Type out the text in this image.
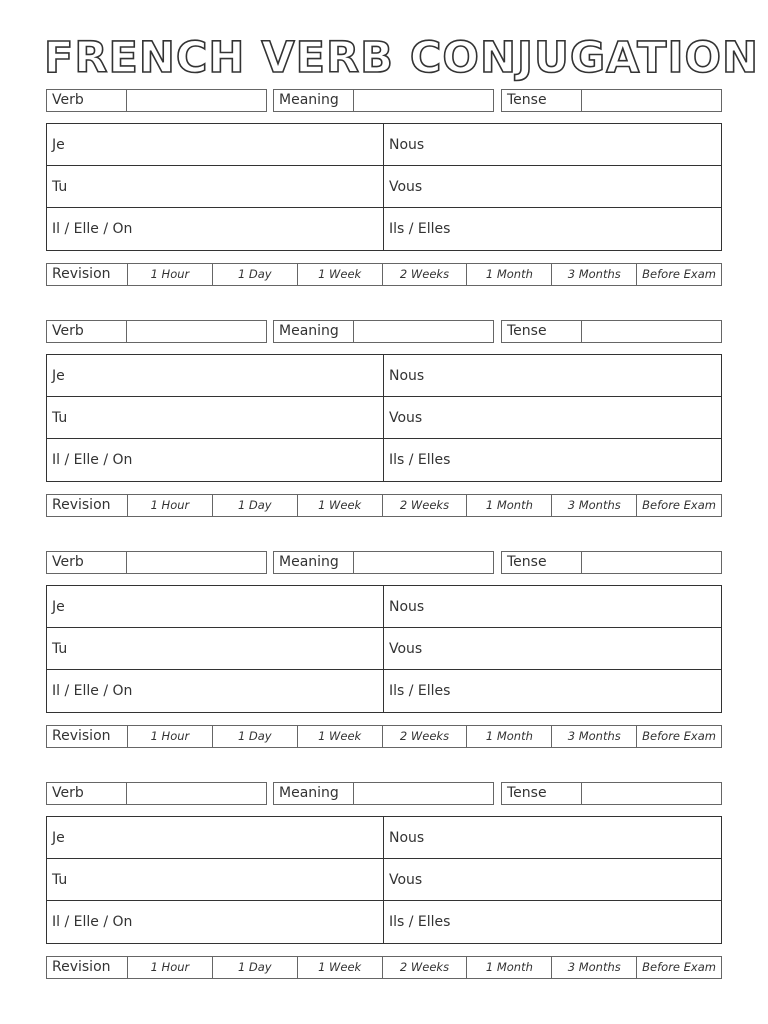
FRENCH VERB CONJUGATION
Verb	Meaning	Tense
Je	Nous
Tu	Vous
Il / Elle / On	Ils / Elles
Revision	1 Hour	1 Day	1 Week	2 Weeks	1 Month	3 Months	Before Exam
Verb	Meaning	Tense
Je	Nous
Tu	Vous
Il / Elle / On	Ils / Elles
Revision	1 Hour	1 Day	1 Week	2 Weeks	1 Month	3 Months	Before Exam
Verb	Meaning	Tense
Je	Nous
Tu	Vous
Il / Elle / On	Ils / Elles
Revision	1 Hour	1 Day	1 Week	2 Weeks	1 Month	3 Months	Before Exam
Verb	Meaning	Tense
Je	Nous
Tu	Vous
Il / Elle / On	Ils / Elles
Revision	1 Hour	1 Day	1 Week	2 Weeks	1 Month	3 Months	Before Exam
